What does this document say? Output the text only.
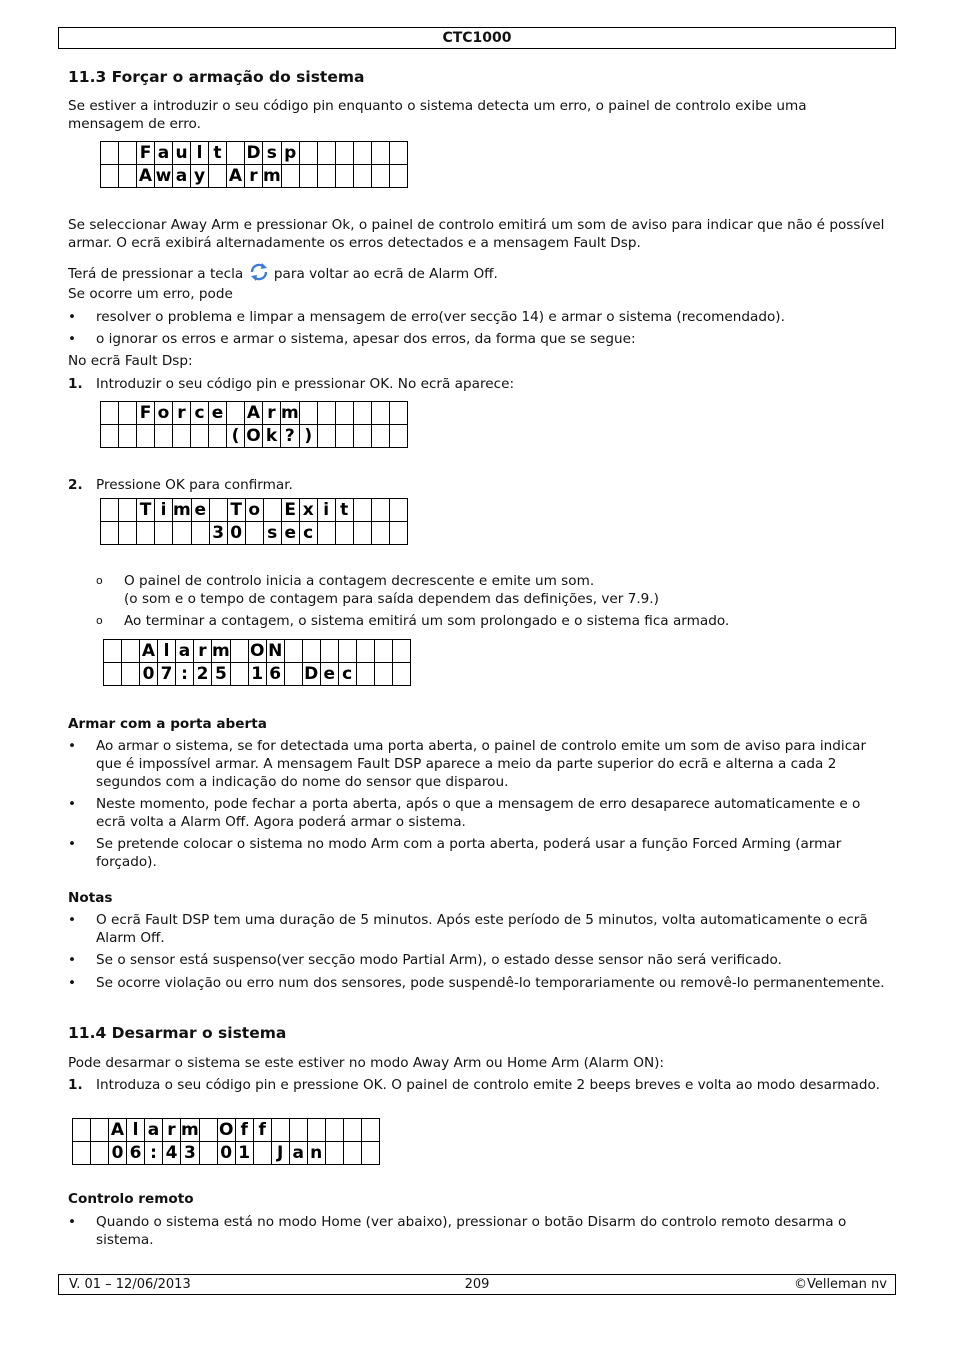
CTC1000
11.3 Forçar o armação do sistema
Se estiver a introduzir o seu código pin enquanto o sistema detecta um erro, o painel de controlo exibe uma mensagem de erro.
		F	a	u	l	t		D	s	p						
		A	w	a	y		A	r	m							
Se seleccionar Away Arm e pressionar Ok, o painel de controlo emitirá um som de aviso para indicar que não é possível armar. O ecrã exibirá alternadamente os erros detectados e a mensagem Fault Dsp.
Terá de pressionar a tecla para voltar ao ecrã de Alarm Off.
Se ocorre um erro, pode
•	resolver o problema e limpar a mensagem de erro(ver secção 14) e armar o sistema (recomendado).
•	o ignorar os erros e armar o sistema, apesar dos erros, da forma que se segue:
No ecrã Fault Dsp:
1. Introduzir o seu código pin e pressionar OK. No ecrã aparece:
		F	o	r	c	e		A	r	m						
							(	O	k	?	)					
2. Pressione OK para confirmar.
		T	i	m	e		T	o		E	x	i	t			
						3	0		s	e	c					
o O painel de controlo inicia a contagem decrescente e emite um som.
(o som e o tempo de contagem para saída dependem das definições, ver 7.9.)
o Ao terminar a contagem, o sistema emitirá um som prolongado e o sistema fica armado.
		A	l	a	r	m		O	N							
		0	7	:	2	5		1	6		D	e	c			
Armar com a porta aberta
•	Ao armar o sistema, se for detectada uma porta aberta, o painel de controlo emite um som de aviso para indicar que é impossível armar. A mensagem Fault DSP aparece a meio da parte superior do ecrã e alterna a cada 2 segundos com a indicação do nome do sensor que disparou.
•	Neste momento, pode fechar a porta aberta, após o que a mensagem de erro desaparece automaticamente e o ecrã volta a Alarm Off. Agora poderá armar o sistema.
•	Se pretende colocar o sistema no modo Arm com a porta aberta, poderá usar a função Forced Arming (armar forçado).
Notas
•	O ecrã Fault DSP tem uma duração de 5 minutos. Após este período de 5 minutos, volta automaticamente o ecrã Alarm Off.
•	Se o sensor está suspenso(ver secção modo Partial Arm), o estado desse sensor não será verificado.
•	Se ocorre violação ou erro num dos sensores, pode suspendê-lo temporariamente ou removê-lo permanentemente.
11.4 Desarmar o sistema
Pode desarmar o sistema se este estiver no modo Away Arm ou Home Arm (Alarm ON):
1. Introduza o seu código pin e pressione OK. O painel de controlo emite 2 beeps breves e volta ao modo desarmado.
		A	l	a	r	m		O	f	f						
		0	6	:	4	3		0	1		J	a	n			
Controlo remoto
•	Quando o sistema está no modo Home (ver abaixo), pressionar o botão Disarm do controlo remoto desarma o sistema.
V. 01 – 12/06/2013	209	©Velleman nv
